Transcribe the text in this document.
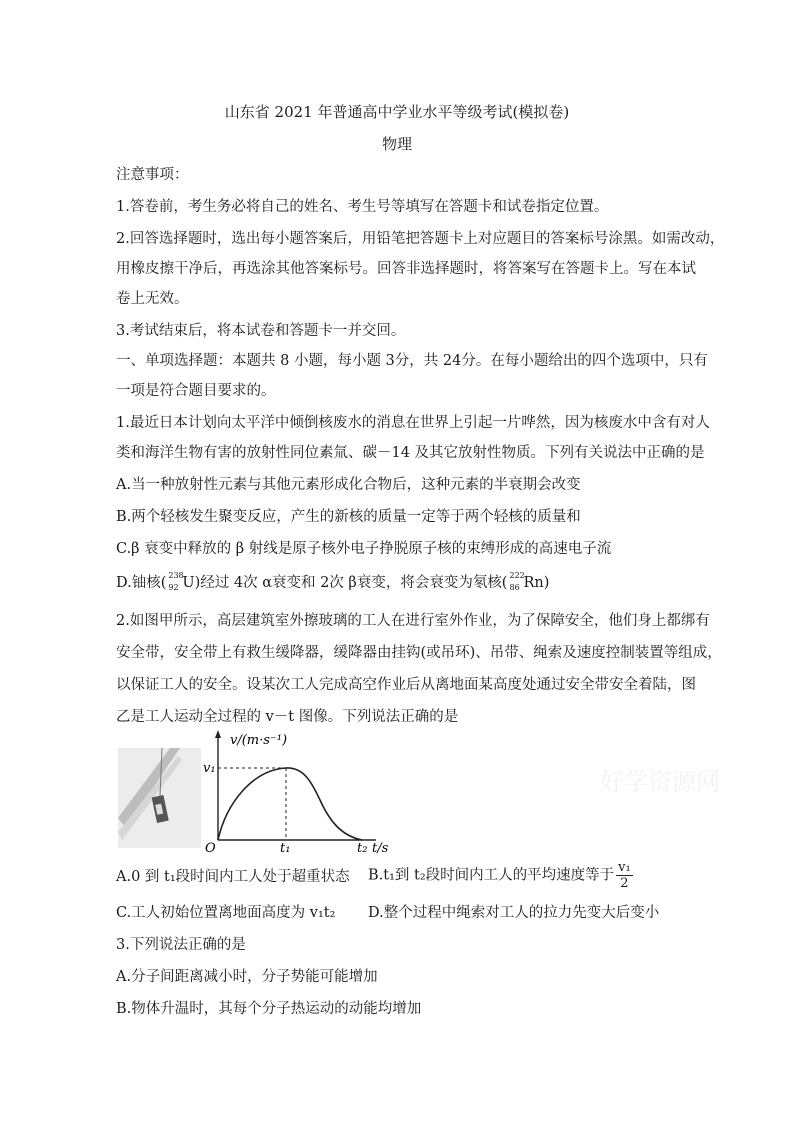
山东省 2021 年普通高中学业水平等级考试(模拟卷)
物理
注意事项：
1.答卷前，考生务必将自己的姓名、考生号等填写在答题卡和试卷指定位置。
2.回答选择题时，选出每小题答案后，用铅笔把答题卡上对应题目的答案标号涂黑。如需改动，
用橡皮擦干净后，再选涂其他答案标号。回答非选择题时，将答案写在答题卡上。写在本试
卷上无效。
3.考试结束后，将本试卷和答题卡一并交回。
一、单项选择题：本题共 8 小题，每小题 3分，共 24分。在每小题给出的四个选项中，只有
一项是符合题目要求的。
1.最近日本计划向太平洋中倾倒核废水的消息在世界上引起一片哗然，因为核废水中含有对人
类和海洋生物有害的放射性同位素氚、碳－14 及其它放射性物质。下列有关说法中正确的是
A.当一种放射性元素与其他元素形成化合物后，这种元素的半衰期会改变
B.两个轻核发生聚变反应，产生的新核的质量一定等于两个轻核的质量和
C.β 衰变中释放的 β 射线是原子核外电子挣脱原子核的束缚形成的高速电子流
D.铀核( 238
92 U)经过 4次 α衰变和 2次 β衰变，将会衰变为氡核( 222
86 Rn)
2.如图甲所示，高层建筑室外擦玻璃的工人在进行室外作业，为了保障安全，他们身上都绑有
安全带，安全带上有救生缓降器，缓降器由挂钩(或吊环)、吊带、绳索及速度控制装置等组成，
以保证工人的安全。设某次工人完成高空作业后从离地面某高度处通过安全带安全着陆，图
乙是工人运动全过程的 v－t 图像。下列说法正确的是
v/(m·s⁻¹)
v₁
O	t₁	t₂ t/s
好学资源网
A.0 到 t₁段时间内工人处于超重状态 B.t₁到 t₂段时间内工人的平均速度等于 $\frac{\text{v₁}}{2}$
C.工人初始位置离地面高度为 v₁t₂ D.整个过程中绳索对工人的拉力先变大后变小
3.下列说法正确的是
A.分子间距离减小时，分子势能可能增加
B.物体升温时，其每个分子热运动的动能均增加
